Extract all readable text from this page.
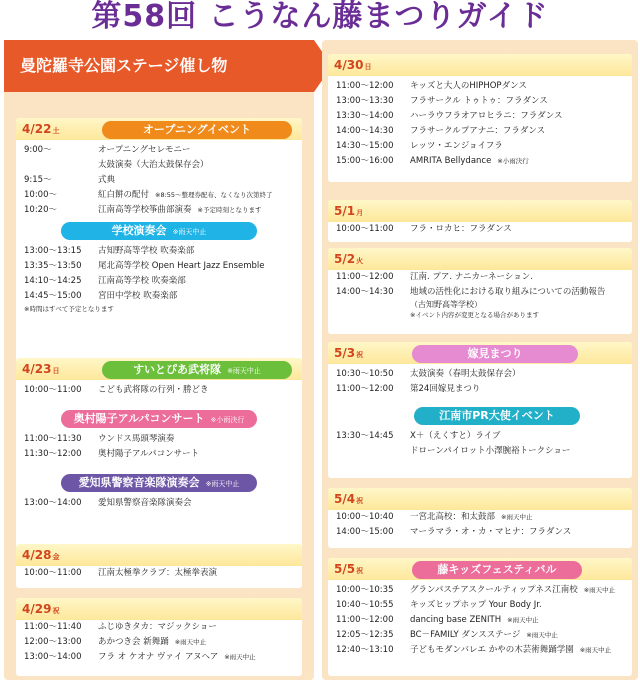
第58回 こうなん藤まつりガイド
曼陀羅寺公園ステージ催し物
4/22土	オープニングイベント
9:00～	オープニングセレモニー
太鼓演奏（大治太鼓保存会）
9:15～	式典
10:00～	紅白餅の配付 ※8:55～整理券配布、なくなり次第終了
10:20～	江南高等学校筝曲部演奏 ※予定時刻となります
学校演奏会 ※雨天中止
13:00～13:15	古知野高等学校 吹奏楽部
13:35～13:50	尾北高等学校 Open Heart Jazz Ensemble
14:10～14:25	江南高等学校 吹奏楽部
14:45～15:00	宮田中学校 吹奏楽部
※時間はすべて予定となります
4/23日	すいとぴあ武将隊 ※雨天中止
10:00～11:00	こども武将隊の行列・勝どき
奥村陽子アルパコンサート ※小雨決行
11:00～11:30	ウンドス馬頭琴演奏
11:30～12:00	奥村陽子アルパコンサート
愛知県警察音楽隊演奏会 ※雨天中止
13:00～14:00	愛知県警察音楽隊演奏会
4/28金
10:00～11:00	江南太極拳クラブ：太極拳表演
4/29祝
11:00～11:40	ふじゆきタカ：マジックショー
12:00～13:00	あかつき会 新舞踊 ※雨天中止
13:00～14:00	フラ オ ケオナ ヴァイ アヌヘア ※雨天中止
4/30日
11:00～12:00	キッズと大人のHIPHOPダンス
13:00～13:30	フラサークル トゥトゥ：フラダンス
13:30～14:00	ハーラウフラオアロヒラニ：フラダンス
14:00～14:30	フラサークルプアナニ：フラダンス
14:30～15:00	レッツ・エンジョイフラ
15:00～16:00	AMRITA Bellydance ※小雨決行
5/1月
10:00～11:00	フラ・ロカヒ：フラダンス
5/2火
11:00～12:00	江南. プア. ナニカーネーション.
14:00～14:30	地域の活性化における取り組みについての活動報告
（古知野高等学校）
※イベント内容が変更となる場合があります
5/3祝	嫁見まつり
10:30～10:50	太鼓演奏（春明太鼓保存会）
11:00～12:00	第24回嫁見まつり
江南市PR大使イベント
13:30～14:45	X＋（えくすと）ライブ
ドローンパイロット小澤腕裕トークショー
5/4祝
10:00～10:40	一宮北高校：和太鼓部 ※雨天中止
14:00～15:00	マーラマラ・オ・カ・マヒナ：フラダンス
5/5祝	藤キッズフェスティバル
10:00～10:35	グランパスチアスクールティップネス江南校 ※雨天中止
10:40～10:55	キッズヒップホップ Your Body Jr.
11:00～12:00	dancing base ZENITH ※雨天中止
12:05～12:35	BC－FAMILY ダンスステージ ※雨天中止
12:40～13:10	子どもモダンバレエ かやの木芸術舞踊学園 ※雨天中止
